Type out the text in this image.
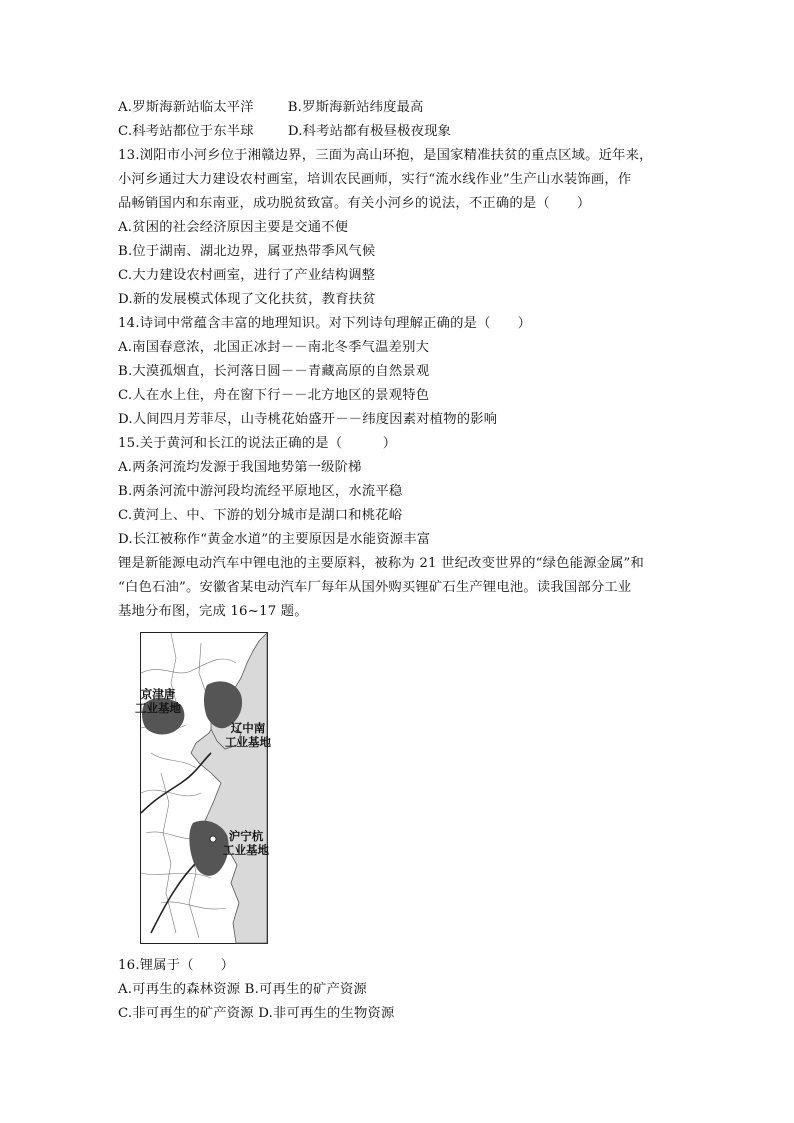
A.罗斯海新站临太平洋	B.罗斯海新站纬度最高
C.科考站都位于东半球	D.科考站都有极昼极夜现象
13.浏阳市小河乡位于湘赣边界，三面为高山环抱，是国家精准扶贫的重点区域。近年来，
小河乡通过大力建设农村画室，培训农民画师，实行“流水线作业”生产山水装饰画，作
品畅销国内和东南亚，成功脱贫致富。有关小河乡的说法，不正确的是（　　）
A.贫困的社会经济原因主要是交通不便
B.位于湖南、湖北边界，属亚热带季风气候
C.大力建设农村画室，进行了产业结构调整
D.新的发展模式体现了文化扶贫，教育扶贫
14.诗词中常蕴含丰富的地理知识。对下列诗句理解正确的是（　　）
A.南国春意浓，北国正冰封－－南北冬季气温差别大
B.大漠孤烟直，长河落日圆－－青藏高原的自然景观
C.人在水上住，舟在窗下行－－北方地区的景观特色
D.人间四月芳菲尽，山寺桃花始盛开－－纬度因素对植物的影响
15.关于黄河和长江的说法正确的是（　　　）
A.两条河流均发源于我国地势第一级阶梯
B.两条河流中游河段均流经平原地区，水流平稳
C.黄河上、中、下游的划分城市是湖口和桃花峪
D.长江被称作“黄金水道”的主要原因是水能资源丰富
锂是新能源电动汽车中锂电池的主要原料，被称为 21 世纪改变世界的“绿色能源金属”和
“白色石油”。安徽省某电动汽车厂每年从国外购买锂矿石生产锂电池。读我国部分工业
基地分布图，完成 16~17 题。
京津唐
工业基地
辽中南
工业基地
沪宁杭
工业基地
16.锂属于（　　）
A.可再生的森林资源 B.可再生的矿产资源
C.非可再生的矿产资源 D.非可再生的生物资源
